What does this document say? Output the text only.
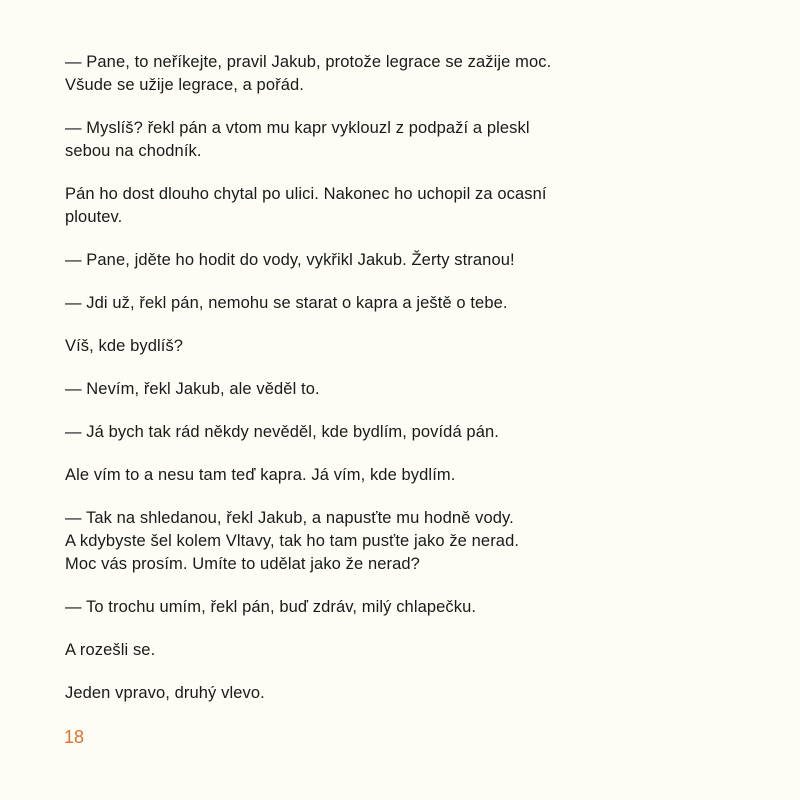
— Pane, to neříkejte, pravil Jakub, protože legrace se zažije moc.
Všude se užije legrace, a pořád.

— Myslíš? řekl pán a vtom mu kapr vyklouzl z podpaží a pleskl
sebou na chodník.

Pán ho dost dlouho chytal po ulici. Nakonec ho uchopil za ocasní
ploutev.

— Pane, jděte ho hodit do vody, vykřikl Jakub. Žerty stranou!

— Jdi už, řekl pán, nemohu se starat o kapra a ještě o tebe.

Víš, kde bydlíš?

— Nevím, řekl Jakub, ale věděl to.

— Já bych tak rád někdy nevěděl, kde bydlím, povídá pán.

Ale vím to a nesu tam teď kapra. Já vím, kde bydlím.

— Tak na shledanou, řekl Jakub, a napusťte mu hodně vody.
A kdybyste šel kolem Vltavy, tak ho tam pusťte jako že nerad.
Moc vás prosím. Umíte to udělat jako že nerad?

— To trochu umím, řekl pán, buď zdráv, milý chlapečku.

A rozešli se.

Jeden vpravo, druhý vlevo.

18
